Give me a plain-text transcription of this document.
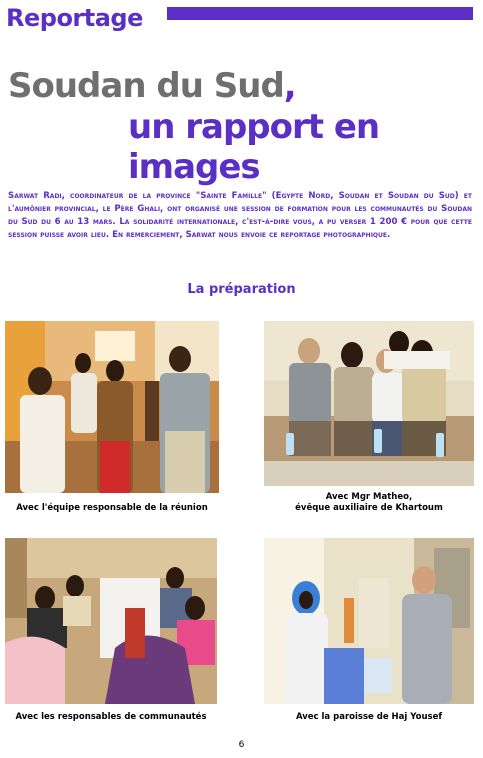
Reportage
Soudan du Sud,
un rapport en images
Sarwat Radi, coordinateur de la province "Sainte Famille" (Egypte Nord, Soudan et Soudan du Sud) et l'aumônier provincial, le Père Ghali, ont organisé une session de formation pour les communautés du Soudan du Sud du 6 au 13 mars. La solidarité internationale, c'est-à-dire vous, a pu verser 1 200 € pour que cette session puisse avoir lieu. En remerciement, Sarwat nous envoie ce reportage photographique.
La préparation
Avec l'équipe responsable de la réunion
Avec Mgr Matheo,
évêque auxiliaire de Khartoum
Avec les responsables de communautés	Avec la paroisse de Haj Yousef
6
